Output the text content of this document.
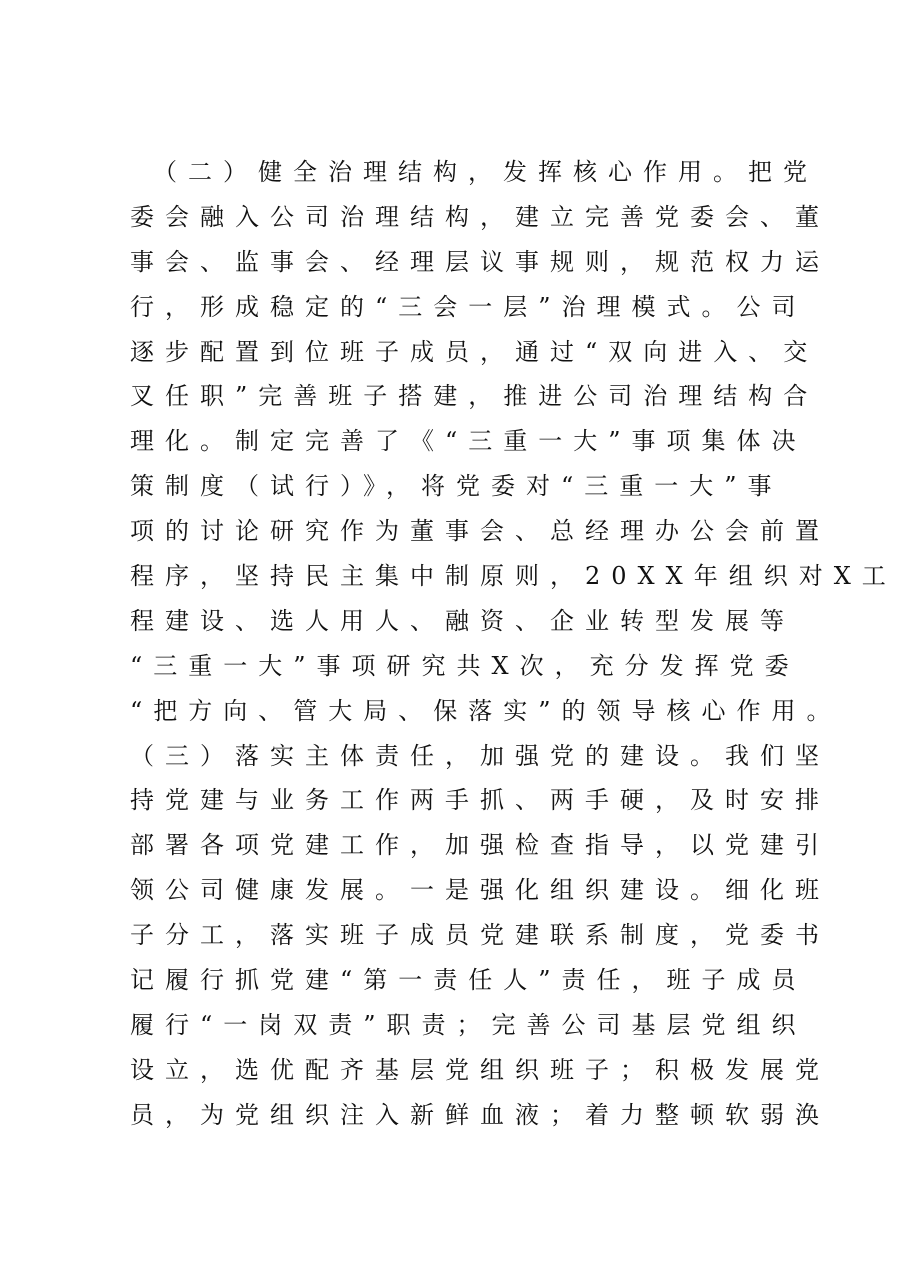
　（二）健全治理结构，发挥核心作用。把党
委会融入公司治理结构，建立完善党委会、董
事会、监事会、经理层议事规则，规范权力运
行，形成稳定的“三会一层”治理模式。公司
逐步配置到位班子成员，通过“双向进入、交
叉任职”完善班子搭建，推进公司治理结构合
理化。制定完善了《“三重一大”事项集体决
策制度（试行）》，将党委对“三重一大”事
项的讨论研究作为董事会、总经理办公会前置
程序，坚持民主集中制原则，20XX年组织对X工
程建设、选人用人、融资、企业转型发展等
“三重一大”事项研究共X次，充分发挥党委
“把方向、管大局、保落实”的领导核心作用。
（三）落实主体责任，加强党的建设。我们坚
持党建与业务工作两手抓、两手硬，及时安排
部署各项党建工作，加强检查指导，以党建引
领公司健康发展。一是强化组织建设。细化班
子分工，落实班子成员党建联系制度，党委书
记履行抓党建“第一责任人”责任，班子成员
履行“一岗双责”职责；完善公司基层党组织
设立，选优配齐基层党组织班子；积极发展党
员，为党组织注入新鲜血液；着力整顿软弱涣
